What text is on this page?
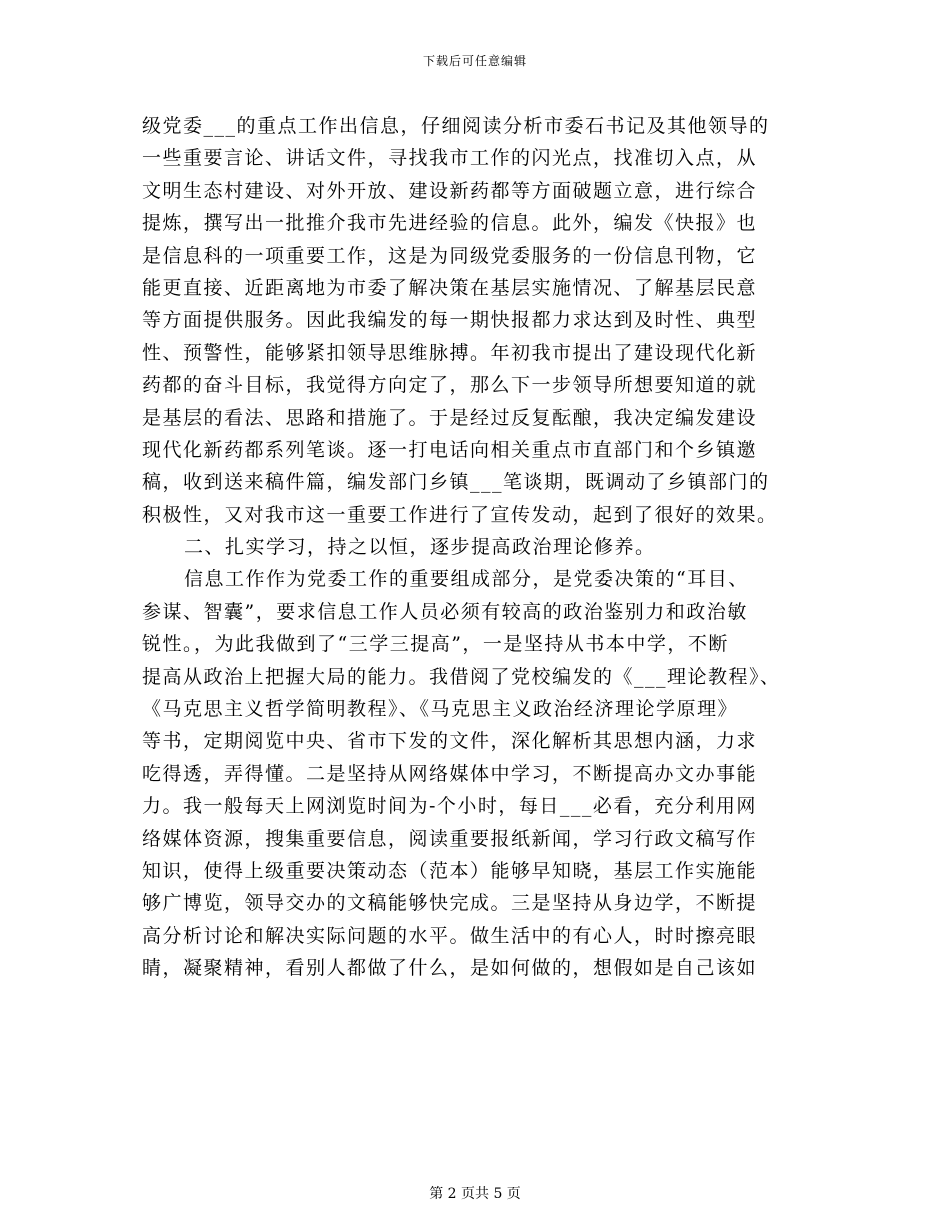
下载后可任意编辑
级党委___的重点工作出信息，仔细阅读分析市委石书记及其他领导的
一些重要言论、讲话文件，寻找我市工作的闪光点，找准切入点，从
文明生态村建设、对外开放、建设新药都等方面破题立意，进行综合
提炼，撰写出一批推介我市先进经验的信息。此外，编发《快报》也
是信息科的一项重要工作，这是为同级党委服务的一份信息刊物，它
能更直接、近距离地为市委了解决策在基层实施情况、了解基层民意
等方面提供服务。因此我编发的每一期快报都力求达到及时性、典型
性、预警性，能够紧扣领导思维脉搏。年初我市提出了建设现代化新
药都的奋斗目标，我觉得方向定了，那么下一步领导所想要知道的就
是基层的看法、思路和措施了。于是经过反复酝酿，我决定编发建设
现代化新药都系列笔谈。逐一打电话向相关重点市直部门和个乡镇邀
稿，收到送来稿件篇，编发部门乡镇___笔谈期，既调动了乡镇部门的
积极性，又对我市这一重要工作进行了宣传发动，起到了很好的效果。
二、扎实学习，持之以恒，逐步提高政治理论修养。
信息工作作为党委工作的重要组成部分，是党委决策的“耳目、
参谋、智囊”，要求信息工作人员必须有较高的政治鉴别力和政治敏
锐性。，为此我做到了“三学三提高”，一是坚持从书本中学，不断
提高从政治上把握大局的能力。我借阅了党校编发的《___理论教程》、
《马克思主义哲学简明教程》、《马克思主义政治经济理论学原理》
等书，定期阅览中央、省市下发的文件，深化解析其思想内涵，力求
吃得透，弄得懂。二是坚持从网络媒体中学习，不断提高办文办事能
力。我一般每天上网浏览时间为-个小时，每日___必看，充分利用网
络媒体资源，搜集重要信息，阅读重要报纸新闻，学习行政文稿写作
知识，使得上级重要决策动态（范本）能够早知晓，基层工作实施能
够广博览，领导交办的文稿能够快完成。三是坚持从身边学，不断提
高分析讨论和解决实际问题的水平。做生活中的有心人，时时擦亮眼
睛，凝聚精神，看别人都做了什么，是如何做的，想假如是自己该如
第 2 页共 5 页
